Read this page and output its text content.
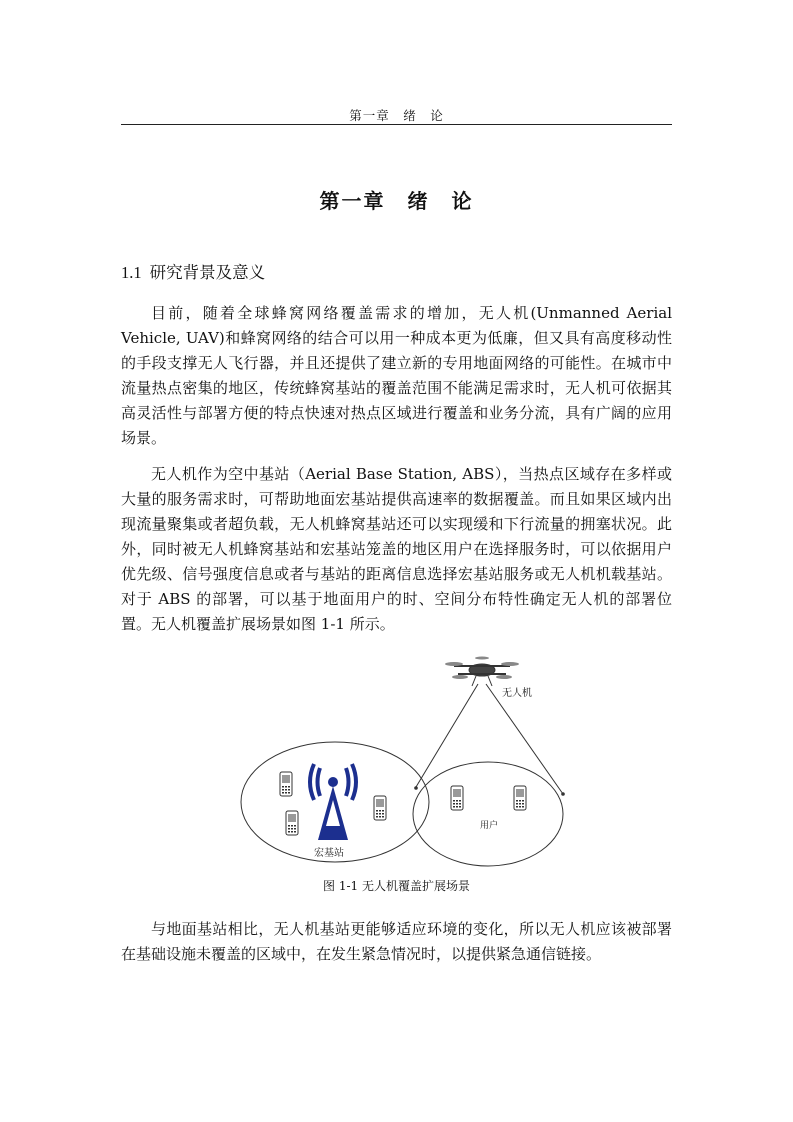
第一章　绪　论
第一章　绪　论
1.1 研究背景及意义

目前，随着全球蜂窝网络覆盖需求的增加，无人机(Unmanned Aerial Vehicle, UAV)和蜂窝网络的结合可以用一种成本更为低廉，但又具有高度移动性的手段支撑无人飞行器，并且还提供了建立新的专用地面网络的可能性。在城市中流量热点密集的地区，传统蜂窝基站的覆盖范围不能满足需求时，无人机可依据其高灵活性与部署方便的特点快速对热点区域进行覆盖和业务分流，具有广阔的应用场景。

无人机作为空中基站（Aerial Base Station, ABS），当热点区域存在多样或大量的服务需求时，可帮助地面宏基站提供高速率的数据覆盖。而且如果区域内出现流量聚集或者超负载，无人机蜂窝基站还可以实现缓和下行流量的拥塞状况。此外，同时被无人机蜂窝基站和宏基站笼盖的地区用户在选择服务时，可以依据用户优先级、信号强度信息或者与基站的距离信息选择宏基站服务或无人机机载基站。对于 ABS 的部署，可以基于地面用户的时、空间分布特性确定无人机的部署位置。无人机覆盖扩展场景如图 1-1 所示。

无人机
宏基站
用户
图 1-1 无人机覆盖扩展场景

与地面基站相比，无人机基站更能够适应环境的变化，所以无人机应该被部署在基础设施未覆盖的区域中，在发生紧急情况时，以提供紧急通信链接。
